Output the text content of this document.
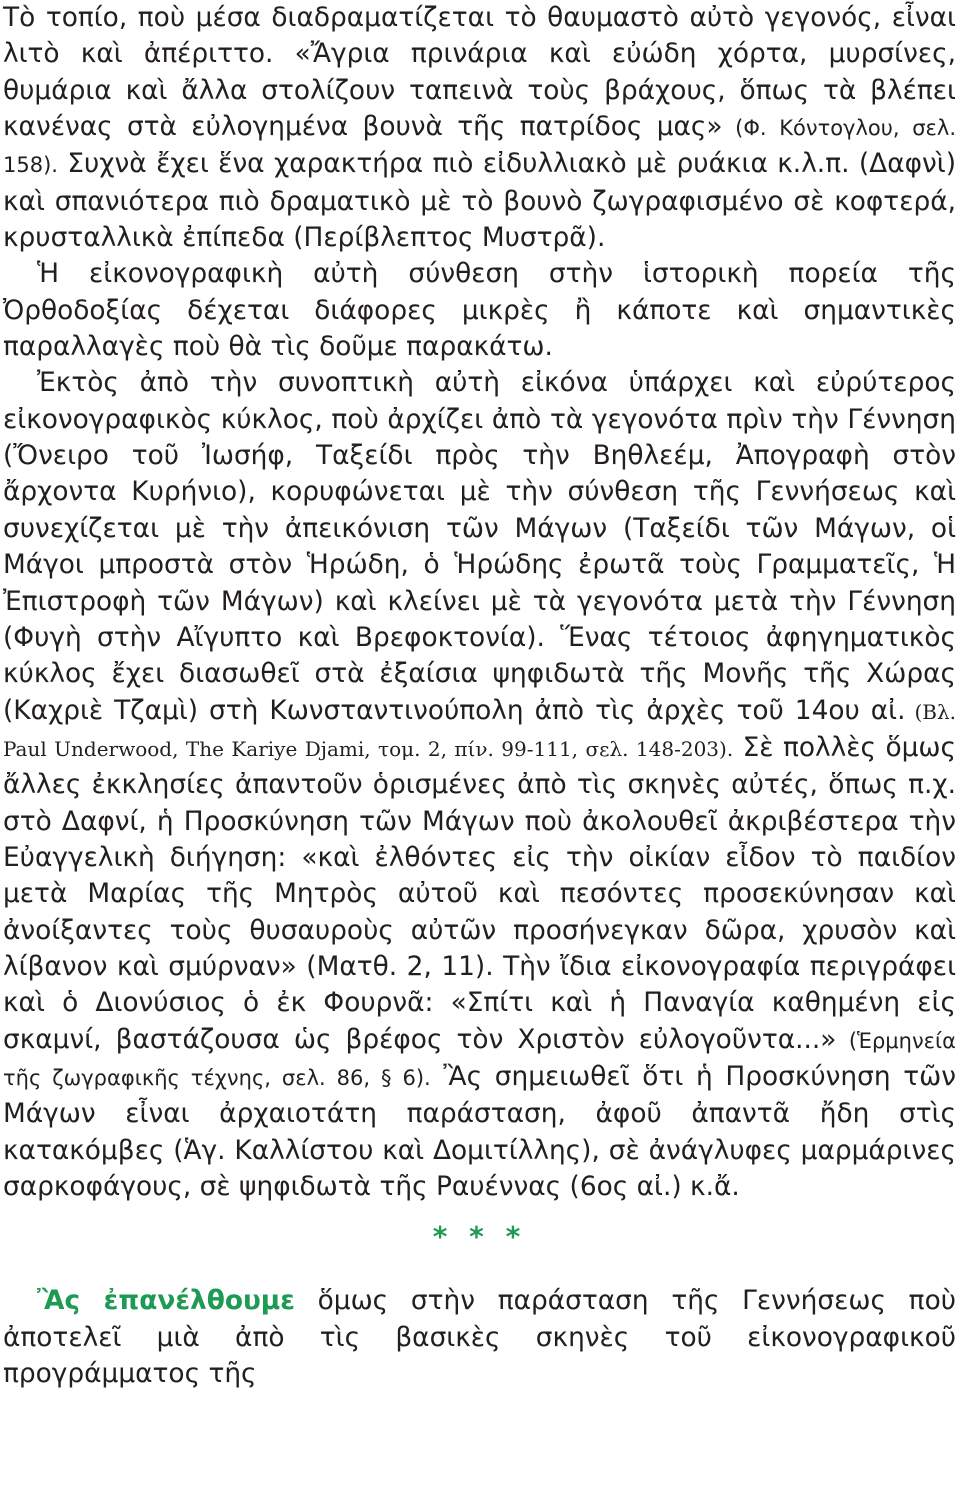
Τὸ τοπίο, ποὺ μέσα διαδραματίζεται τὸ θαυμαστὸ αὐτὸ γεγονός, εἶναι λιτὸ καὶ ἀπέριττο. «Ἄγρια πρινάρια καὶ εὐώδη χόρτα, μυρσίνες, θυμάρια καὶ ἄλλα στολίζουν ταπεινὰ τοὺς βράχους, ὅπως τὰ βλέπει κανένας στὰ εὐλογημένα βουνὰ τῆς πατρίδος μας» (Φ. Κόντογλου, σελ. 158). Συχνὰ ἔχει ἕνα χαρακτήρα πιὸ εἰδυλλιακὸ μὲ ρυάκια κ.λ.π. (Δαφνὶ) καὶ σπανιότερα πιὸ δραματικὸ μὲ τὸ βουνὸ ζωγραφισμένο σὲ κοφτερά, κρυσταλλικὰ ἐπίπεδα (Περίβλεπτος Μυστρᾶ).

Ἡ εἰκονογραφικὴ αὐτὴ σύνθεση στὴν ἱστορικὴ πορεία τῆς Ὀρθοδοξίας δέχεται διάφορες μικρὲς ἢ κάποτε καὶ σημαντικὲς παραλλαγὲς ποὺ θὰ τὶς δοῦμε παρακάτω.

Ἐκτὸς ἀπὸ τὴν συνοπτικὴ αὐτὴ εἰκόνα ὑπάρχει καὶ εὐρύτερος εἰκονογραφικὸς κύκλος, ποὺ ἀρχίζει ἀπὸ τὰ γεγονότα πρὶν τὴν Γέννηση (Ὄνειρο τοῦ Ἰωσήφ, Ταξείδι πρὸς τὴν Βηθλεέμ, Ἀπογραφὴ στὸν ἄρχοντα Κυρήνιο), κορυφώνεται μὲ τὴν σύνθεση τῆς Γεννήσεως καὶ συνεχίζεται μὲ τὴν ἀπεικόνιση τῶν Μάγων (Ταξείδι τῶν Μάγων, οἱ Μάγοι μπροστὰ στὸν Ἡρώδη, ὁ Ἡρώδης ἐρωτᾶ τοὺς Γραμματεῖς, Ἡ Ἐπιστροφὴ τῶν Μάγων) καὶ κλείνει μὲ τὰ γεγονότα μετὰ τὴν Γέννηση (Φυγὴ στὴν Αἴγυπτο καὶ Βρεφοκτονία). Ἕνας τέτοιος ἀφηγηματικὸς κύκλος ἔχει διασωθεῖ στὰ ἐξαίσια ψηφιδωτὰ τῆς Μονῆς τῆς Χώρας (Καχριὲ Τζαμὶ) στὴ Κωνσταντινούπολη ἀπὸ τὶς ἀρχὲς τοῦ 14ου αἰ. (Βλ. Paul Underwood, The Kariye Djami, τομ. 2, πίν. 99-111, σελ. 148-203). Σὲ πολλὲς ὅμως ἄλλες ἐκκλησίες ἀπαντοῦν ὁρισμένες ἀπὸ τὶς σκηνὲς αὐτές, ὅπως π.χ. στὸ Δαφνί, ἡ Προσκύνηση τῶν Μάγων ποὺ ἀκολουθεῖ ἀκριβέστερα τὴν Εὐαγγελικὴ διήγηση: «καὶ ἐλθόντες εἰς τὴν οἰκίαν εἶδον τὸ παιδίον μετὰ Μαρίας τῆς Μητρὸς αὐτοῦ καὶ πεσόντες προσεκύνησαν καὶ ἀνοίξαντες τοὺς θυσαυροὺς αὐτῶν προσήνεγκαν δῶρα, χρυσὸν καὶ λίβανον καὶ σμύρναν» (Ματθ. 2, 11). Τὴν ἴδια εἰκονογραφία περιγράφει καὶ ὁ Διονύσιος ὁ ἐκ Φουρνᾶ: «Σπίτι καὶ ἡ Παναγία καθημένη εἰς σκαμνί, βαστάζουσα ὡς βρέφος τὸν Χριστὸν εὐλογοῦντα...» (Ἑρμηνεία τῆς ζωγραφικῆς τέχνης, σελ. 86, § 6). Ἂς σημειωθεῖ ὅτι ἡ Προσκύνηση τῶν Μάγων εἶναι ἀρχαιοτάτη παράσταση, ἀφοῦ ἀπαντᾶ ἤδη στὶς κατακόμβες (Ἁγ. Καλλίστου καὶ Δομιτίλλης), σὲ ἀνάγλυφες μαρμάρινες σαρκοφάγους, σὲ ψηφιδωτὰ τῆς Ραυέννας (6ος αἰ.) κ.ἄ.

* * *

Ἂς ἐπανέλθουμε ὅμως στὴν παράσταση τῆς Γεννήσεως ποὺ ἀποτελεῖ μιὰ ἀπὸ τὶς βασικὲς σκηνὲς τοῦ εἰκονογραφικοῦ προγράμματος τῆς
